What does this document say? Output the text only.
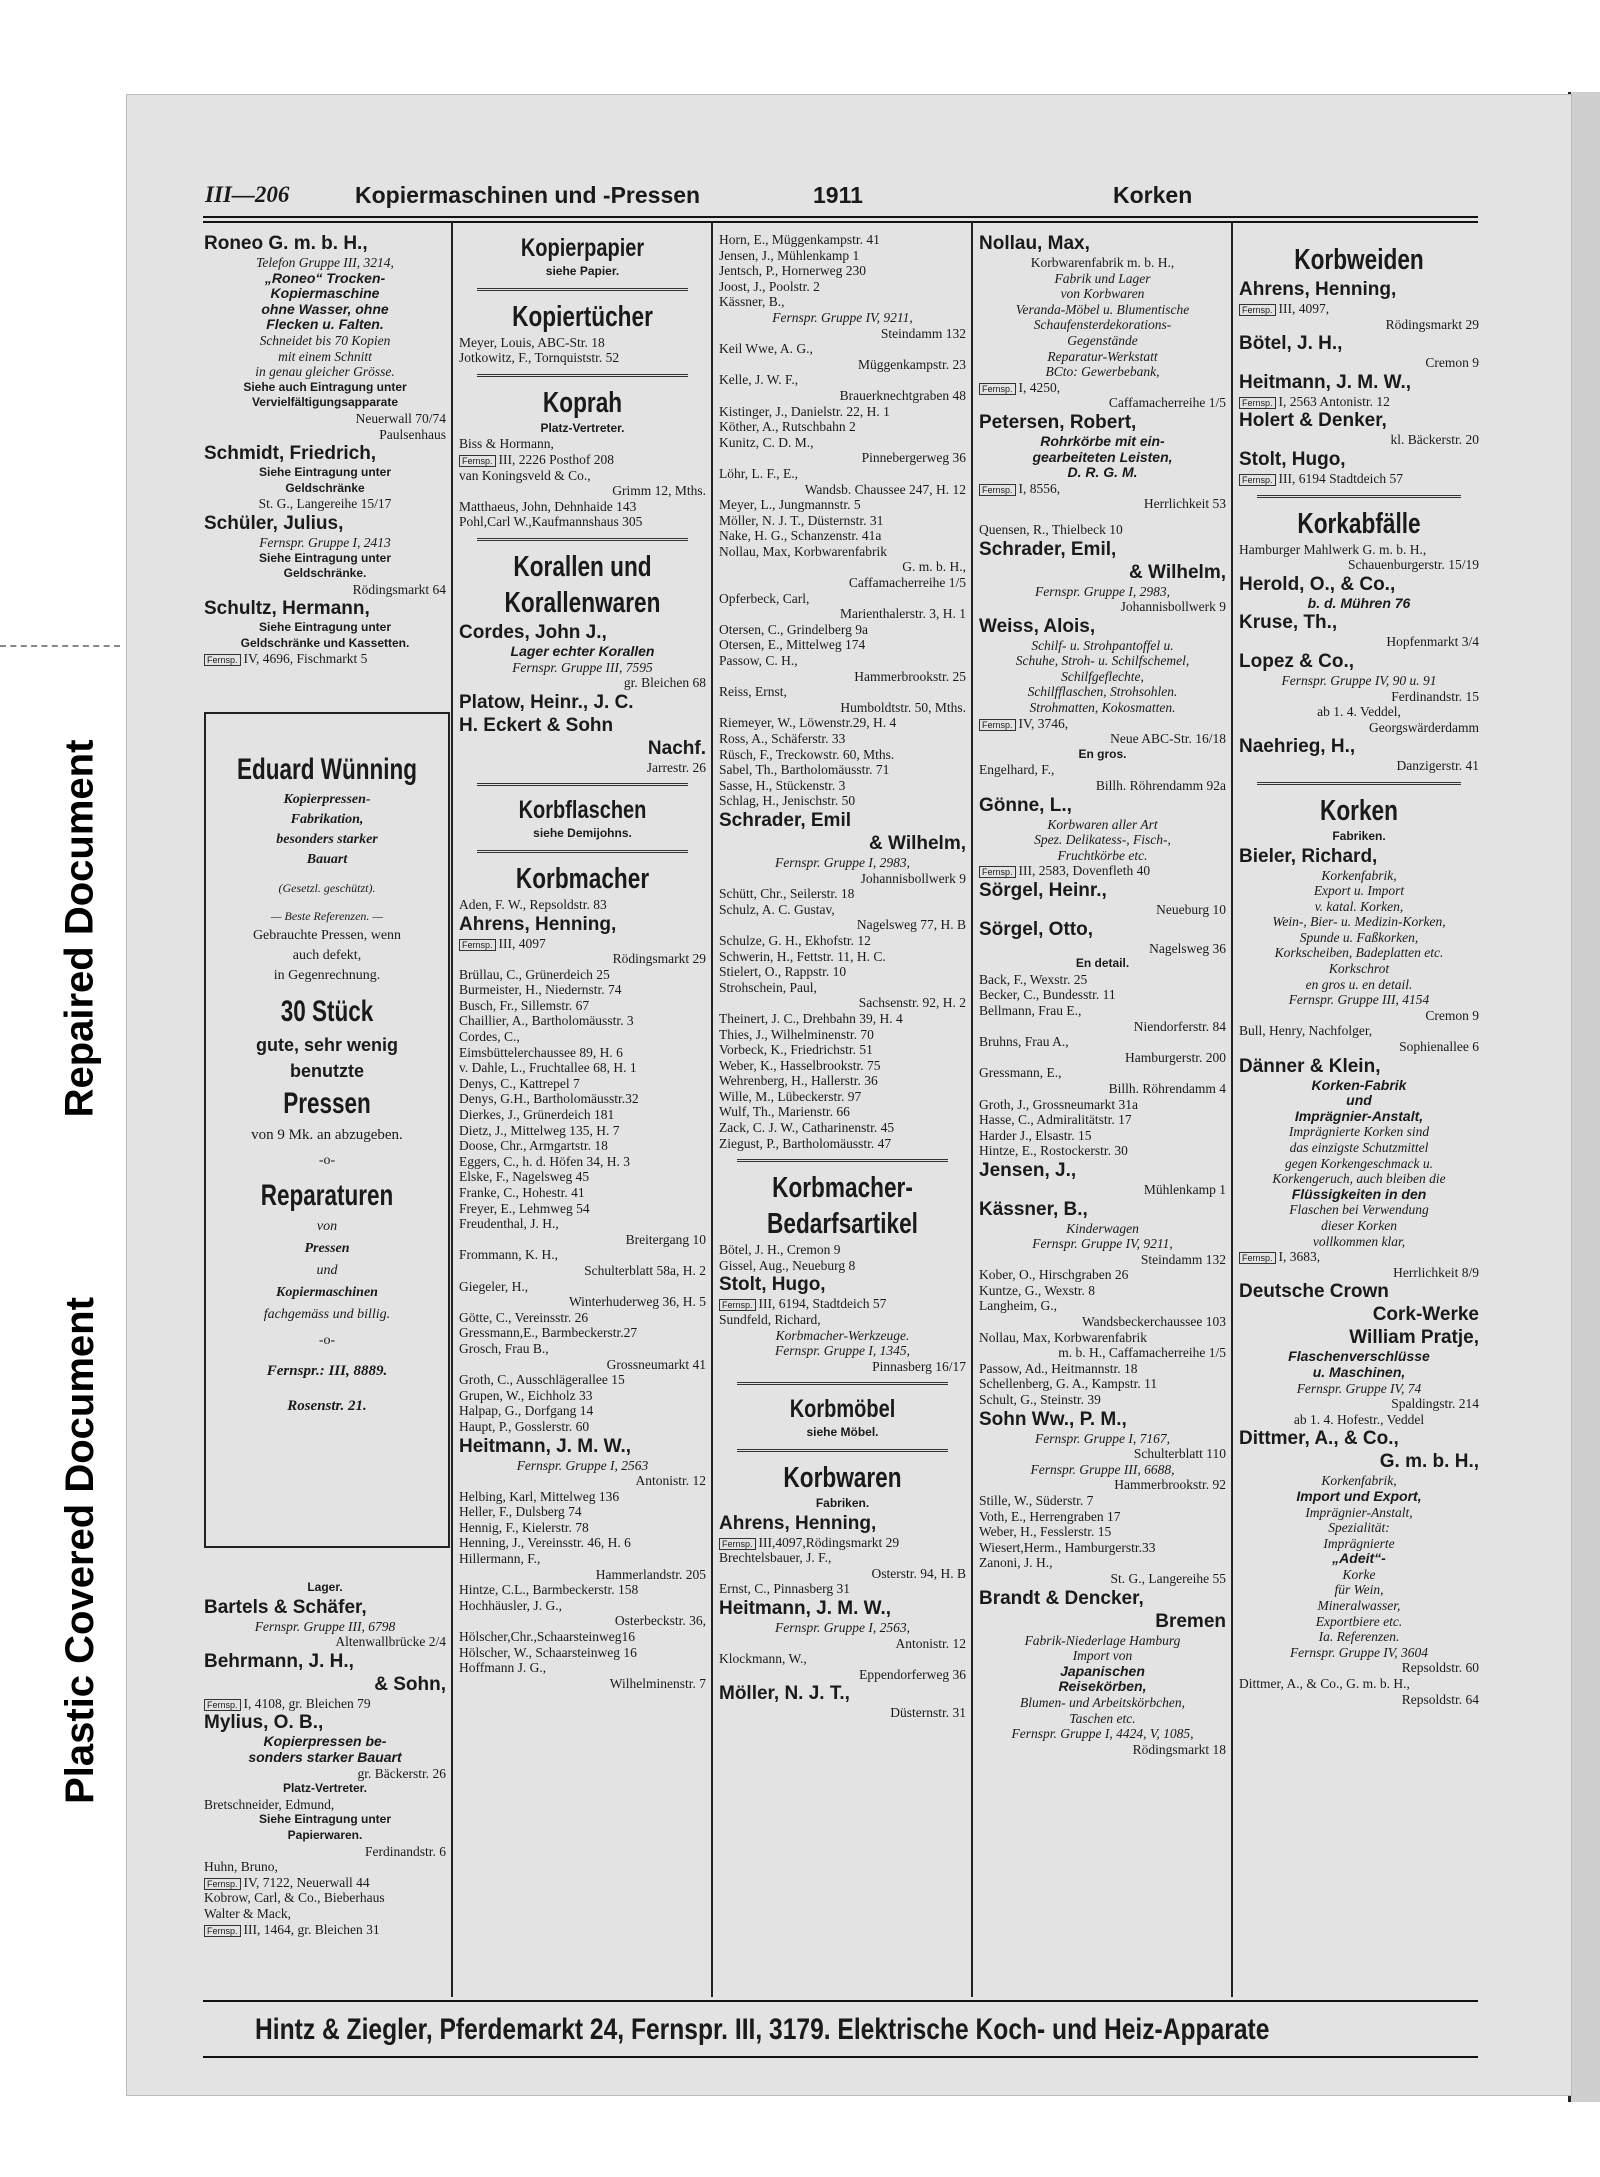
Repaired Document
Plastic Covered Document
III—206	Kopiermaschinen und -Pressen	1911	Korken
Roneo G. m. b. H.,
Telefon Gruppe III, 3214,
„Roneo“ Trocken-
Kopiermaschine
ohne Wasser, ohne
Flecken u. Falten.
Schneidet bis 70 Kopien
mit einem Schnitt
in genau gleicher Grösse.
Siehe auch Eintragung unter
Vervielfältigungsapparate
Neuerwall 70/74
Paulsenhaus
Schmidt, Friedrich,
Siehe Eintragung unter
Geldschränke
St. G., Langereihe 15/17
Schüler, Julius,
Fernspr. Gruppe I, 2413
Siehe Eintragung unter
Geldschränke.
Rödingsmarkt 64
Schultz, Hermann,
Siehe Eintragung unter
Geldschränke und Kassetten.
Fernsp. IV, 4696, Fischmarkt 5
Eduard Wünning
Kopierpressen-
Fabrikation,
besonders starker
Bauart
(Gesetzl. geschützt).
— Beste Referenzen. —
Gebrauchte Pressen, wenn
auch defekt,
in Gegenrechnung.
30 Stück
gute, sehr wenig
benutzte
Pressen
von 9 Mk. an abzugeben.
-o-
Reparaturen
von
Pressen
und
Kopiermaschinen
fachgemäss und billig.
-o-
Fernspr.: III, 8889.
Rosenstr. 21.
Lager.
Bartels & Schäfer,
Fernspr. Gruppe III, 6798
Altenwallbrücke 2/4
Behrmann, J. H.,
& Sohn,
Fernsp. I, 4108, gr. Bleichen 79
Mylius, O. B.,
Kopierpressen be-
sonders starker Bauart
gr. Bäckerstr. 26
Platz-Vertreter.
Bretschneider, Edmund,
Siehe Eintragung unter
Papierwaren.
Ferdinandstr. 6
Huhn, Bruno,
Fernsp. IV, 7122, Neuerwall 44
Kobrow, Carl, & Co., Bieberhaus
Walter & Mack,
Fernsp. III, 1464, gr. Bleichen 31
Kopierpapier
siehe Papier.
Kopiertücher
Meyer, Louis, ABC-Str. 18
Jotkowitz, F., Tornquiststr. 52
Koprah
Platz-Vertreter.
Biss & Hormann,
Fernsp. III, 2226 Posthof 208
van Koningsveld & Co.,
Grimm 12, Mths.
Matthaeus, John, Dehnhaide 143
Pohl,Carl W.,Kaufmannshaus 305
Korallen und
Korallenwaren
Cordes, John J.,
Lager echter Korallen
Fernspr. Gruppe III, 7595
gr. Bleichen 68
Platow, Heinr., J. C.
H. Eckert & Sohn
Nachf.
Jarrestr. 26
Korbflaschen
siehe Demijohns.
Korbmacher
Aden, F. W., Repsoldstr. 83
Ahrens, Henning,
Fernsp. III, 4097
Rödingsmarkt 29
Brüllau, C., Grünerdeich 25
Burmeister, H., Niedernstr. 74
Busch, Fr., Sillemstr. 67
Chaillier, A., Bartholomäusstr. 3
Cordes, C.,
Eimsbüttelerchaussee 89, H. 6
v. Dahle, L., Fruchtallee 68, H. 1
Denys, C., Kattrepel 7
Denys, G.H., Bartholomäusstr.32
Dierkes, J., Grünerdeich 181
Dietz, J., Mittelweg 135, H. 7
Doose, Chr., Armgartstr. 18
Eggers, C., h. d. Höfen 34, H. 3
Elske, F., Nagelsweg 45
Franke, C., Hohestr. 41
Freyer, E., Lehmweg 54
Freudenthal, J. H.,
Breitergang 10
Frommann, K. H.,
Schulterblatt 58a, H. 2
Giegeler, H.,
Winterhuderweg 36, H. 5
Götte, C., Vereinsstr. 26
Gressmann,E., Barmbeckerstr.27
Grosch, Frau B.,
Grossneumarkt 41
Groth, C., Ausschlägerallee 15
Grupen, W., Eichholz 33
Halpap, G., Dorfgang 14
Haupt, P., Gosslerstr. 60
Heitmann, J. M. W.,
Fernspr. Gruppe I, 2563
Antonistr. 12
Helbing, Karl, Mittelweg 136
Heller, F., Dulsberg 74
Hennig, F., Kielerstr. 78
Henning, J., Vereinsstr. 46, H. 6
Hillermann, F.,
Hammerlandstr. 205
Hintze, C.L., Barmbeckerstr. 158
Hochhäusler, J. G.,
Osterbeckstr. 36,
Hölscher,Chr.,Schaarsteinweg16
Hölscher, W., Schaarsteinweg 16
Hoffmann J. G.,
Wilhelminenstr. 7
Horn, E., Müggenkampstr. 41
Jensen, J., Mühlenkamp 1
Jentsch, P., Hornerweg 230
Joost, J., Poolstr. 2
Kässner, B.,
Fernspr. Gruppe IV, 9211,
Steindamm 132
Keil Wwe, A. G.,
Müggenkampstr. 23
Kelle, J. W. F.,
Brauerknechtgraben 48
Kistinger, J., Danielstr. 22, H. 1
Köther, A., Rutschbahn 2
Kunitz, C. D. M.,
Pinnebergerweg 36
Löhr, L. F., E.,
Wandsb. Chaussee 247, H. 12
Meyer, L., Jungmannstr. 5
Möller, N. J. T., Düsternstr. 31
Nake, H. G., Schanzenstr. 41a
Nollau, Max, Korbwarenfabrik
G. m. b. H.,
Caffamacherreihe 1/5
Opferbeck, Carl,
Marienthalerstr. 3, H. 1
Otersen, C., Grindelberg 9a
Otersen, E., Mittelweg 174
Passow, C. H.,
Hammerbrookstr. 25
Reiss, Ernst,
Humboldtstr. 50, Mths.
Riemeyer, W., Löwenstr.29, H. 4
Ross, A., Schäferstr. 33
Rüsch, F., Treckowstr. 60, Mths.
Sabel, Th., Bartholomäusstr. 71
Sasse, H., Stückenstr. 3
Schlag, H., Jenischstr. 50
Schrader, Emil
& Wilhelm,
Fernspr. Gruppe I, 2983,
Johannisbollwerk 9
Schütt, Chr., Seilerstr. 18
Schulz, A. C. Gustav,
Nagelsweg 77, H. B
Schulze, G. H., Ekhofstr. 12
Schwerin, H., Fettstr. 11, H. C.
Stielert, O., Rappstr. 10
Strohschein, Paul,
Sachsenstr. 92, H. 2
Theinert, J. C., Drehbahn 39, H. 4
Thies, J., Wilhelminenstr. 70
Vorbeck, K., Friedrichstr. 51
Weber, K., Hasselbrookstr. 75
Wehrenberg, H., Hallerstr. 36
Wille, M., Lübeckerstr. 97
Wulf, Th., Marienstr. 66
Zack, C. J. W., Catharinenstr. 45
Ziegust, P., Bartholomäusstr. 47
Korbmacher-
Bedarfsartikel
Bötel, J. H., Cremon 9
Gissel, Aug., Neueburg 8
Stolt, Hugo,
Fernsp. III, 6194, Stadtdeich 57
Sundfeld, Richard,
Korbmacher-Werkzeuge.
Fernspr. Gruppe I, 1345,
Pinnasberg 16/17
Korbmöbel
siehe Möbel.
Korbwaren
Fabriken.
Ahrens, Henning,
Fernsp. III,4097,Rödingsmarkt 29
Brechtelsbauer, J. F.,
Osterstr. 94, H. B
Ernst, C., Pinnasberg 31
Heitmann, J. M. W.,
Fernspr. Gruppe I, 2563,
Antonistr. 12
Klockmann, W.,
Eppendorferweg 36
Möller, N. J. T.,
Düsternstr. 31
Nollau, Max,
Korbwarenfabrik m. b. H.,
Fabrik und Lager
von Korbwaren
Veranda-Möbel u. Blumentische
Schaufensterdekorations-
Gegenstände
Reparatur-Werkstatt
BCto: Gewerbebank,
Fernsp. I, 4250,
Caffamacherreihe 1/5
Petersen, Robert,
Rohrkörbe mit ein-
gearbeiteten Leisten,
D. R. G. M.
Fernsp. I, 8556,
Herrlichkeit 53
Quensen, R., Thielbeck 10
Schrader, Emil,
& Wilhelm,
Fernspr. Gruppe I, 2983,
Johannisbollwerk 9
Weiss, Alois,
Schilf- u. Strohpantoffel u.
Schuhe, Stroh- u. Schilfschemel,
Schilfgeflechte,
Schilfflaschen, Strohsohlen.
Strohmatten, Kokosmatten.
Fernsp. IV, 3746,
Neue ABC-Str. 16/18
En gros.
Engelhard, F.,
Billh. Röhrendamm 92a
Gönne, L.,
Korbwaren aller Art
Spez. Delikatess-, Fisch-,
Fruchtkörbe etc.
Fernsp. III, 2583, Dovenfleth 40
Sörgel, Heinr.,
Neueburg 10
Sörgel, Otto,
Nagelsweg 36
En detail.
Back, F., Wexstr. 25
Becker, C., Bundesstr. 11
Bellmann, Frau E.,
Niendorferstr. 84
Bruhns, Frau A.,
Hamburgerstr. 200
Gressmann, E.,
Billh. Röhrendamm 4
Groth, J., Grossneumarkt 31a
Hasse, C., Admiralitätstr. 17
Harder J., Elsastr. 15
Hintze, E., Rostockerstr. 30
Jensen, J.,
Mühlenkamp 1
Kässner, B.,
Kinderwagen
Fernspr. Gruppe IV, 9211,
Steindamm 132
Kober, O., Hirschgraben 26
Kuntze, G., Wexstr. 8
Langheim, G.,
Wandsbeckerchaussee 103
Nollau, Max, Korbwarenfabrik
m. b. H., Caffamacherreihe 1/5
Passow, Ad., Heitmannstr. 18
Schellenberg, G. A., Kampstr. 11
Schult, G., Steinstr. 39
Sohn Ww., P. M.,
Fernspr. Gruppe I, 7167,
Schulterblatt 110
Fernspr. Gruppe III, 6688,
Hammerbrookstr. 92
Stille, W., Süderstr. 7
Voth, E., Herrengraben 17
Weber, H., Fesslerstr. 15
Wiesert,Herm., Hamburgerstr.33
Zanoni, J. H.,
St. G., Langereihe 55
Brandt & Dencker,
Bremen
Fabrik-Niederlage Hamburg
Import von
Japanischen
Reisekörben,
Blumen- und Arbeitskörbchen,
Taschen etc.
Fernspr. Gruppe I, 4424, V, 1085,
Rödingsmarkt 18
Korbweiden
Ahrens, Henning,
Fernsp. III, 4097,
Rödingsmarkt 29
Bötel, J. H.,
Cremon 9
Heitmann, J. M. W.,
Fernsp. I, 2563 Antonistr. 12
Holert & Denker,
kl. Bäckerstr. 20
Stolt, Hugo,
Fernsp. III, 6194 Stadtdeich 57
Korkabfälle
Hamburger Mahlwerk G. m. b. H.,
Schauenburgerstr. 15/19
Herold, O., & Co.,
b. d. Mühren 76
Kruse, Th.,
Hopfenmarkt 3/4
Lopez & Co.,
Fernspr. Gruppe IV, 90 u. 91
Ferdinandstr. 15
ab 1. 4. Veddel,
Georgswärderdamm
Naehrieg, H.,
Danzigerstr. 41
Korken
Fabriken.
Bieler, Richard,
Korkenfabrik,
Export u. Import
v. katal. Korken,
Wein-, Bier- u. Medizin-Korken,
Spunde u. Faßkorken,
Korkscheiben, Badeplatten etc.
Korkschrot
en gros u. en detail.
Fernspr. Gruppe III, 4154
Cremon 9
Bull, Henry, Nachfolger,
Sophienallee 6
Dänner & Klein,
Korken-Fabrik
und
Imprägnier-Anstalt,
Imprägnierte Korken sind
das einzigste Schutzmittel
gegen Korkengeschmack u.
Korkengeruch, auch bleiben die
Flüssigkeiten in den
Flaschen bei Verwendung
dieser Korken
vollkommen klar,
Fernsp. I, 3683,
Herrlichkeit 8/9
Deutsche Crown
Cork-Werke
William Pratje,
Flaschenverschlüsse
u. Maschinen,
Fernspr. Gruppe IV, 74
Spaldingstr. 214
ab 1. 4. Hofestr., Veddel
Dittmer, A., & Co.,
G. m. b. H.,
Korkenfabrik,
Import und Export,
Imprägnier-Anstalt,
Spezialität:
Imprägnierte
„Adeit“-
Korke
für Wein,
Mineralwasser,
Exportbiere etc.
Ia. Referenzen.
Fernspr. Gruppe IV, 3604
Repsoldstr. 60
Dittmer, A., & Co., G. m. b. H.,
Repsoldstr. 64
Hintz & Ziegler, Pferdemarkt 24, Fernspr. III, 3179. Elektrische Koch- und Heiz-Apparate
